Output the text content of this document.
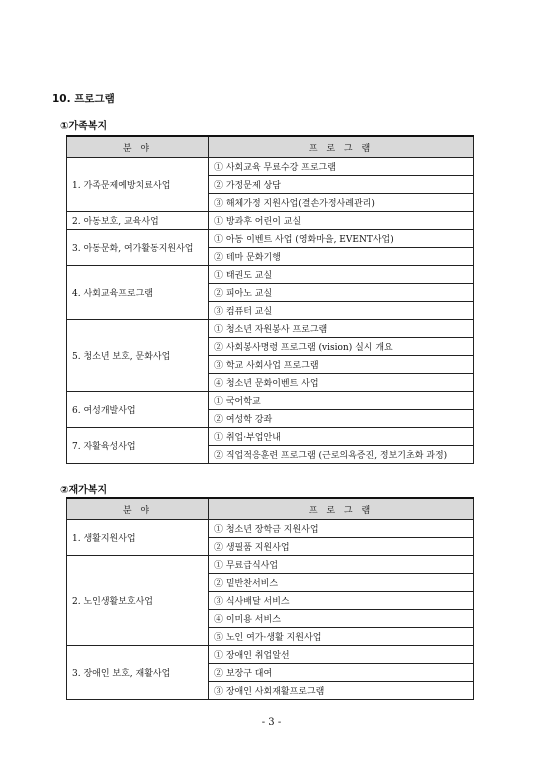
10. 프로그램
①가족복지
분 야	프 로 그 램
1. 가족문제예방치료사업	① 사회교육 무료수강 프로그램
	② 가정문제 상담
	③ 해체가정 지원사업(결손가정사례관리)
2. 아동보호, 교육사업	① 방과후 어린이 교실
3. 아동문화, 여가활동지원사업	① 아동 이벤트 사업 (영화마을, EVENT사업)
	② 테마 문화기행
4. 사회교육프로그램	① 태권도 교실
	② 피아노 교실
	③ 컴퓨터 교실
5. 청소년 보호, 문화사업	① 청소년 자원봉사 프로그램
	② 사회봉사명령 프로그램 (vision) 실시 개요
	③ 학교 사회사업 프로그램
	④ 청소년 문화이벤트 사업
6. 여성개발사업	① 국어학교
	② 여성학 강좌
7. 자활육성사업	① 취업·부업안내
	② 직업적응훈련 프로그램 (근로의욕증진, 정보기초화 과정)
②재가복지
분 야	프 로 그 램
1. 생활지원사업	① 청소년 장학금 지원사업
	② 생필품 지원사업
2. 노인생활보호사업	① 무료급식사업
	② 밑반찬서비스
	③ 식사배달 서비스
	④ 이미용 서비스
	⑤ 노인 여가·생활 지원사업
3. 장애인 보호, 재활사업	① 장애인 취업알선
	② 보장구 대여
	③ 장애인 사회재활프로그램
- 3 -
